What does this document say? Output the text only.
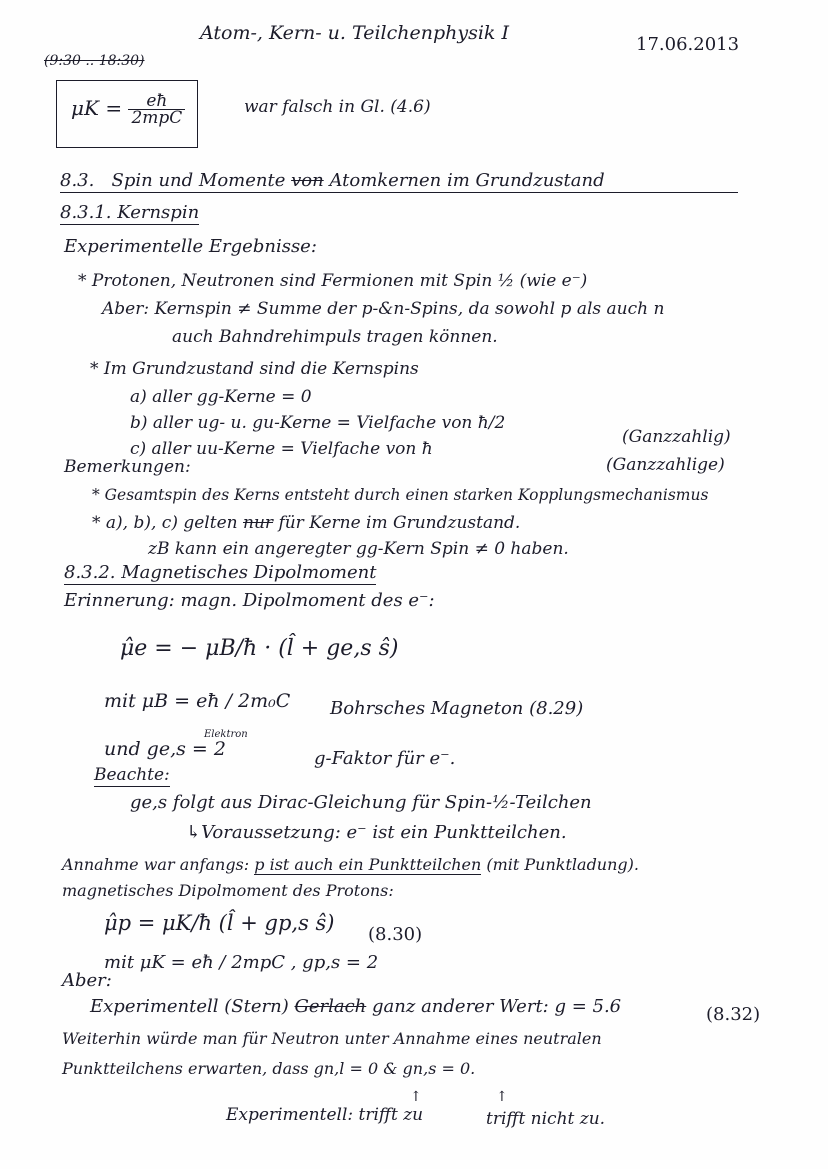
Atom-, Kern- u. Teilchenphysik I
17.06.2013
(9:30 .. 18:30)
$\mu K = \frac{eħ}{\text{2mpC}}$	war falsch in Gl. (4.6)
8.3. Spin und Momente von Atomkernen im Grundzustand
8.3.1. Kernspin
Experimentelle Ergebnisse:
* Protonen, Neutronen sind Fermionen mit Spin ½ (wie e⁻)
Aber: Kernspin ≠ Summe der p-&n-Spins, da sowohl p als auch n
auch Bahndrehimpuls tragen können.
* Im Grundzustand sind die Kernspins
a) aller gg-Kerne = 0
b) aller ug- u. gu-Kerne = Vielfache von ħ/2
(Ganzzahlig)
c) aller uu-Kerne = Vielfache von ħ
(Ganzzahlige)
Bemerkungen:
* Gesamtspin des Kerns entsteht durch einen starken Kopplungsmechanismus
* a), b), c) gelten nur für Kerne im Grundzustand.
zB kann ein angeregter gg-Kern Spin ≠ 0 haben.
8.3.2. Magnetisches Dipolmoment
Erinnerung: magn. Dipolmoment des e⁻:
μ̂e = − μB/ħ · (l̂ + ge,s ŝ)
mit μB = eħ / 2m₀C Bohrsches Magneton (8.29)
Elektron
und ge,s = 2	g-Faktor für e⁻.
Beachte:
ge,s folgt aus Dirac-Gleichung für Spin-½-Teilchen
↳Voraussetzung: e⁻ ist ein Punktteilchen.
Annahme war anfangs: p ist auch ein Punktteilchen (mit Punktladung).
magnetisches Dipolmoment des Protons:
μ̂p = μK/ħ (l̂ + gp,s ŝ) (8.30)
mit μK = eħ / 2mpC , gp,s = 2
Aber:
Experimentell (Stern) Gerlach ganz anderer Wert: g = 5.6	(8.32)
Weiterhin würde man für Neutron unter Annahme eines neutralen
Punktteilchens erwarten, dass gn,l = 0 & gn,s = 0.
↑	↑
Experimentell: trifft zu	trifft nicht zu.
